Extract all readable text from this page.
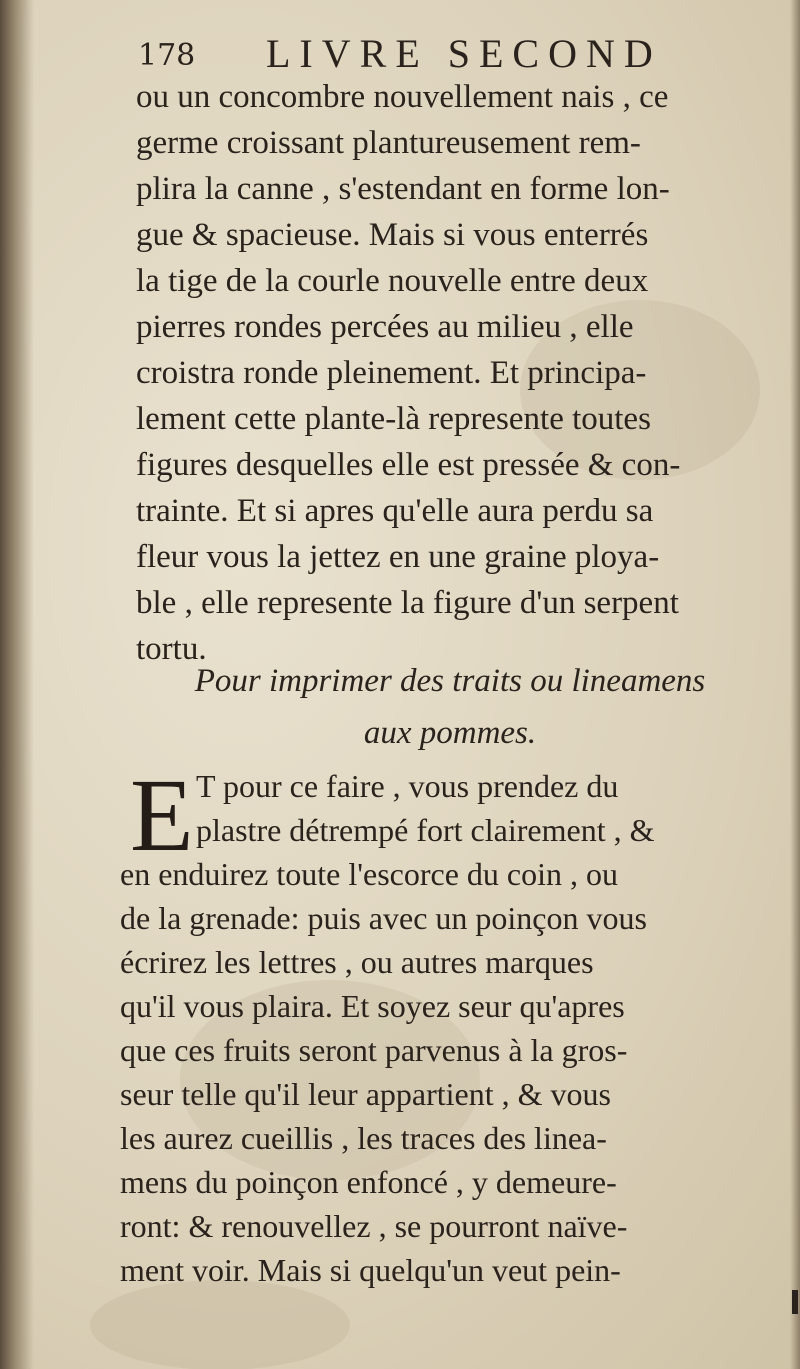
178 LIVRE SECOND
ou un concombre nouvellement nais , ce
germe croissant plantureusement rem-
plira la canne , s'estendant en forme lon-
gue & spacieuse. Mais si vous enterrés
la tige de la courle nouvelle entre deux
pierres rondes percées au milieu , elle
croistra ronde pleinement. Et principa-
lement cette plante-là represente toutes
figures desquelles elle est pressée & con-
trainte. Et si apres qu'elle aura perdu sa
fleur vous la jettez en une graine ploya-
ble , elle represente la figure d'un serpent
tortu.
Pour imprimer des traits ou lineamens
aux pommes.
E T pour ce faire , vous prendez du
plastre détrempé fort clairement , &
en enduirez toute l'escorce du coin , ou
de la grenade: puis avec un poinçon vous
écrirez les lettres , ou autres marques
qu'il vous plaira. Et soyez seur qu'apres
que ces fruits seront parvenus à la gros-
seur telle qu'il leur appartient , & vous
les aurez cueillis , les traces des linea-
mens du poinçon enfoncé , y demeure-
ront: & renouvellez , se pourront naïve-
ment voir. Mais si quelqu'un veut pein-
